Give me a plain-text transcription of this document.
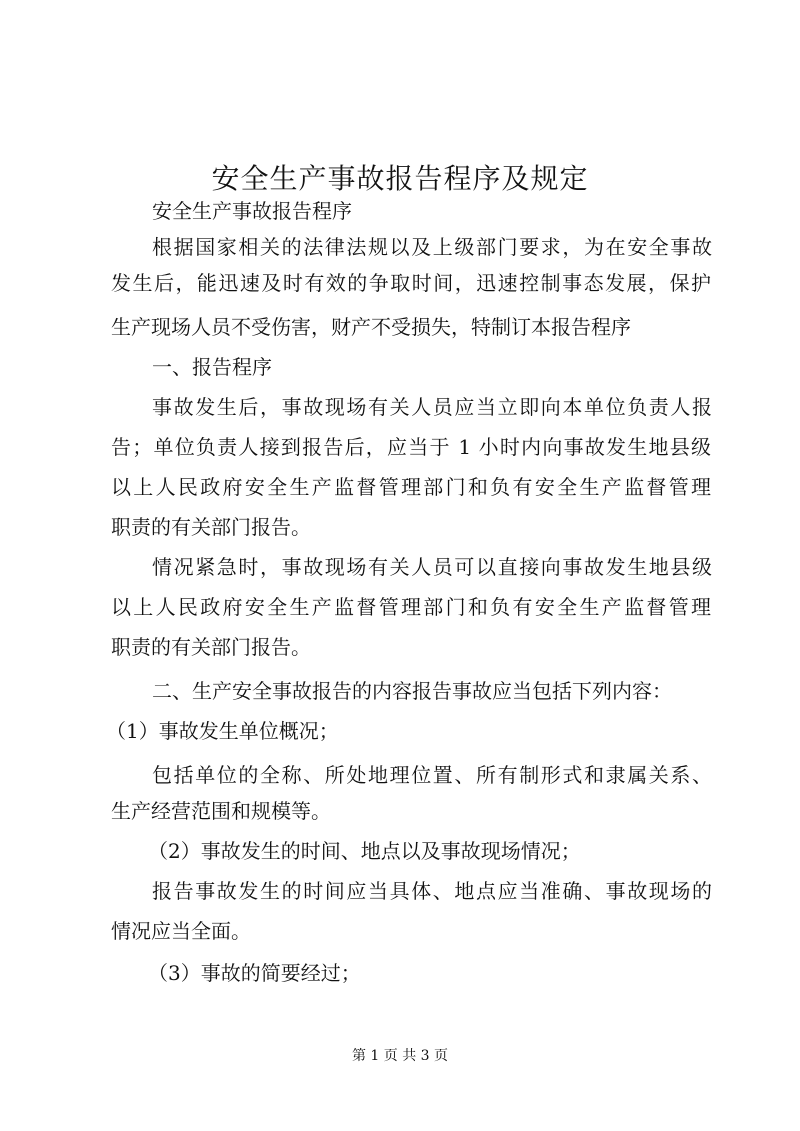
安全生产事故报告程序及规定
安全生产事故报告程序
根据国家相关的法律法规以及上级部门要求，为在安全事故
发生后，能迅速及时有效的争取时间，迅速控制事态发展，保护
生产现场人员不受伤害，财产不受损失，特制订本报告程序
一、报告程序
事故发生后，事故现场有关人员应当立即向本单位负责人报
告；单位负责人接到报告后，应当于 1 小时内向事故发生地县级
以上人民政府安全生产监督管理部门和负有安全生产监督管理
职责的有关部门报告。
情况紧急时，事故现场有关人员可以直接向事故发生地县级
以上人民政府安全生产监督管理部门和负有安全生产监督管理
职责的有关部门报告。
二、生产安全事故报告的内容报告事故应当包括下列内容：
（1）事故发生单位概况；
包括单位的全称、所处地理位置、所有制形式和隶属关系、
生产经营范围和规模等。
（2）事故发生的时间、地点以及事故现场情况；
报告事故发生的时间应当具体、地点应当准确、事故现场的
情况应当全面。
（3）事故的简要经过；
第 1 页 共 3 页
